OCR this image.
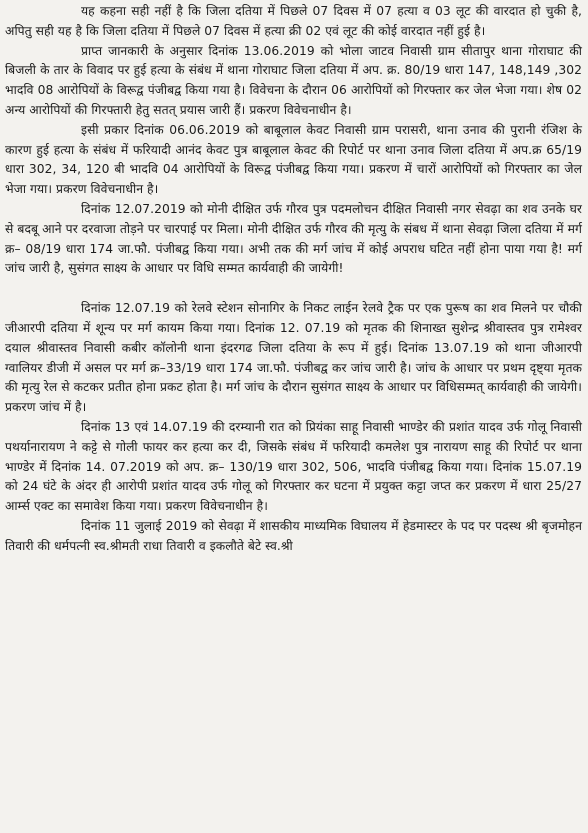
यह कहना सही नहीं है कि जिला दतिया में पिछले 07 दिवस में 07 हत्या व 03 लूट की वारदात हो चुकी है, अपितु सही यह है कि जिला दतिया में पिछले 07 दिवस में हत्या क्री 02 एवं लूट की कोई वारदात नहीं हुई है।

प्राप्त जानकारी के अनुसार दिनांक 13.06.2019 को भोला जाटव निवासी ग्राम सीतापुर थाना गोराघाट की बिजली के तार के विवाद पर हुई हत्या के संबंध में थाना गोराघाट जिला दतिया में अप. क्र. 80/19 धारा 147, 148,149 ,302 भादवि 08 आरोपियों के विरूद्व पंजीबद्व किया गया है। विवेचना के दौरान 06 आरोपियों को गिरफ्तार कर जेल भेजा गया। शेष 02 अन्य आरोपियों की गिरफ्तारी हेतु सतत् प्रयास जारी हैं। प्रकरण विवेचनाधीन है।

इसी प्रकार दिनांक 06.06.2019 को बाबूलाल केवट निवासी ग्राम परासरी, थाना उनाव की पुरानी रंजिश के कारण हुई हत्या के संबंध में फरियादी आनंद केवट पुत्र बाबूलाल केवट की रिपोर्ट पर थाना उनाव जिला दतिया में अप.क्र 65/19 धारा 302, 34, 120 बी भादवि 04 आरोपियों के विरूद्व पंजीबद्व किया गया। प्रकरण में चारों आरोपियों को गिरफ्तार का जेल भेजा गया। प्रकरण विवेचनाधीन है।

दिनांक 12.07.2019 को मोनी दीक्षित उर्फ गौरव पुत्र पदमलोचन दीक्षित निवासी नगर सेवढ़ा का शव उनके घर से बदबू आने पर दरवाजा तोड़ने पर चारपाई पर मिला। मोनी दीक्षित उर्फ गौरव की मृत्यु के संबध में थाना सेवढ़ा जिला दतिया में मर्ग क्र– 08/19 धारा 174 जा.फौ. पंजीबद्व किया गया। अभी तक की मर्ग जांच में कोई अपराध घटित नहीं होना पाया गया है! मर्ग जांच जारी है, सुसंगत साक्ष्य के आधार पर विधि सम्मत कार्यवाही की जायेगी!

दिनांक 12.07.19 को रेलवे स्टेशन सोनागिर के निकट लाईन रेलवे ट्रैक पर एक पुरूष का शव मिलने पर चौकी जीआरपी दतिया में शून्य पर मर्ग कायम किया गया। दिनांक 12. 07.19 को मृतक की शिनाख्त सुशेन्द्र श्रीवास्तव पुत्र रामेश्वर दयाल श्रीवास्तव निवासी कबीर कॉलोनी थाना इंदरगढ जिला दतिया के रूप में हुई। दिनांक 13.07.19 को थाना जीआरपी ग्वालियर डीजी में असल पर मर्ग क्र–33/19 धारा 174 जा.फौ. पंजीबद्व कर जांच जारी है। जांच के आधार पर प्रथम दृष्ट्या मृतक की मृत्यु रेल से कटकर प्रतीत होना प्रकट होता है। मर्ग जांच के दौरान सुसंगत साक्ष्य के आधार पर विधिसम्मत् कार्यवाही की जायेगी। प्रकरण जांच में है।

दिनांक 13 एवं 14.07.19 की दरम्यानी रात को प्रियंका साहू निवासी भाण्डेर की प्रशांत यादव उर्फ गोलू निवासी पथर्यानारायण ने कट्टे से गोली फायर कर हत्या कर दी, जिसके संबंध में फरियादी कमलेश पुत्र नारायण साहू की रिपोर्ट पर थाना भाण्डेर में दिनांक 14. 07.2019 को अप. क्र– 130/19 धारा 302, 506, भादवि पंजीबद्व किया गया। दिनांक 15.07.19 को 24 घंटे के अंदर ही आरोपी प्रशांत यादव उर्फ गोलू को गिरफ्तार कर घटना में प्रयुक्त कट्टा जप्त कर प्रकरण में धारा 25/27 आर्म्स एक्ट का समावेश किया गया। प्रकरण विवेचनाधीन है।

दिनांक 11 जुलाई 2019 को सेवढ़ा में शासकीय माध्यमिक विघालय में हेडमास्टर के पद पर पदस्थ श्री बृजमोहन तिवारी की धर्मपत्नी स्व.श्रीमती राधा तिवारी व इकलौते बेटे स्व.श्री
